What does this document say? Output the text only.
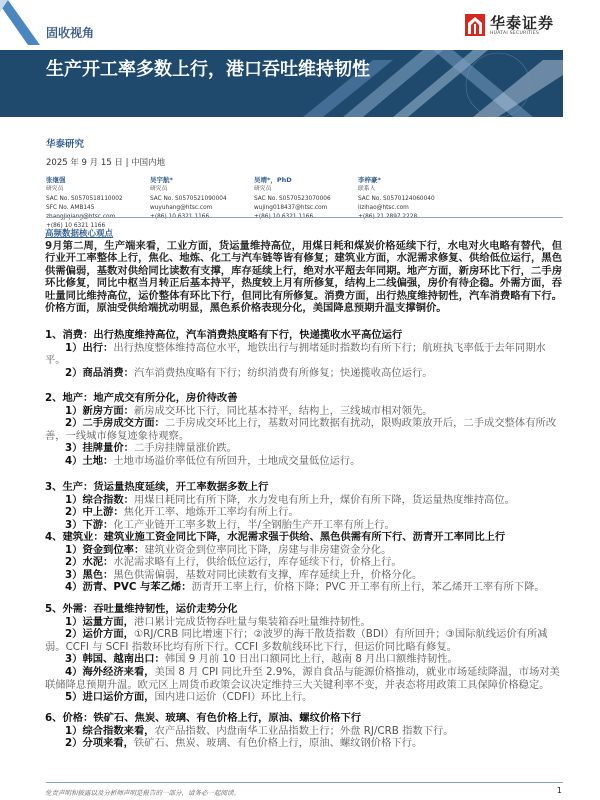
固收视角
华泰证券
HUATAI SECURITIES
生产开工率多数上行，港口吞吐维持韧性
华泰研究
2025 年 9 月 15 日 | 中国内地
张继强
研究员
SAC No. S0570518110002
SFC No. AMB145
+(86) 10 6321 1166
吴宇航*
研究员
SAC No. S0570521090004
wuyuhang@htsc.com
吴靖*，PhD
研究员
SAC No. S0570523070006
wujing018437@htsc.com
李梓豪*
联系人
SAC No. S0570124060040
lizihao@htsc.com
高频数据核心观点
9月第二周，生产端来看，工业方面，货运量维持高位，用煤日耗和煤炭价格延续下行，水电对火电略有替代，但行业开工率整体上行，焦化、地炼、化工与汽车链等皆有修复；建筑业方面，水泥需求修复、供给低位运行，黑色供需偏弱，基数对供给同比读数有支撑，库存延续上行，绝对水平超去年同期。地产方面，新房环比下行，二手房环比修复，同比中枢当月转正后基本持平，热度较上月有所修复，结构上二线偏强，房价有待企稳。外需方面，吞吐量同比维持高位，运价整体有环比下行，但同比有所修复。消费方面，出行热度维持韧性，汽车消费略有下行。价格方面，原油受供给端扰动明显，黑色系价格表现分化，美国降息预期升温支撑铜价。
1、消费：出行热度维持高位，汽车消费热度略有下行，快递揽收水平高位运行
1）出行：出行热度整体维持高位水平，地铁出行与拥堵延时指数均有所下行；航班执飞率低于去年同期水平。
2）商品消费：汽车消费热度略有下行；纺织消费有所修复；快递揽收高位运行。
2、地产：地产成交有所分化，房价待改善
1）新房方面：新房成交环比下行，同比基本持平，结构上，三线城市相对领先。
2）二手房成交方面：二手房成交环比上行，基数对同比数据有扰动，限购政策放开后，二手成交整体有所改善，一线城市修复迹象待观察。
3）挂牌量价：二手房挂牌量涨价跌。
4）土地：土地市场溢价率低位有所回升，土地成交量低位运行。
3、生产：货运量热度延续，开工率数据多数上行
1）综合指数：用煤日耗同比有所下降，水力发电有所上升，煤价有所下降，货运量热度维持高位。
2）中上游：焦化开工率、地炼开工率均有所上行。
3）下游：化工产业链开工率多数上行，半/全钢胎生产开工率有所上行。
4、建筑业：建筑业施工资金同比下降，水泥需求强于供给、黑色供需有所下行、沥青开工率同比上行
1）资金到位率：建筑业资金到位率同比下降，房建与非房建资金分化。
2）水泥：水泥需求略有上行，供给低位运行，库存延续下行，价格上行。
3）黑色：黑色供需偏弱，基数对同比读数有支撑，库存延续上升，价格分化。
4）沥青、PVC 与苯乙烯：沥青开工率上行，价格下降；PVC 开工率有所上行，苯乙烯开工率有所下降。
5、外需：吞吐量维持韧性，运价走势分化
1）运量方面，港口累计完成货物吞吐量与集装箱吞吐量维持韧性。
2）运价方面，①RJ/CRB 同比增速下行；②波罗的海干散货指数（BDI）有所回升；③国际航线运价有所减弱。CCFI 与 SCFI 指数环比均有所下行。CCFI 多数航线环比下行，但运价同比略有修复。
3）韩国、越南出口：韩国 9 月前 10 日出口额同比上行，越南 8 月出口额维持韧性。
4）海外经济来看，美国 8 月 CPI 同比升至 2.9%，源自食品与能源价格推动，就业市场延续降温，市场对美联储降息预期升温。欧元区上周货币政策会议决定维持三大关键利率不变，并表态将用政策工具保障价格稳定。
5）进口运价方面，国内进口运价（CDFI）环比上行。
6、价格：铁矿石、焦炭、玻璃、有色价格上行，原油、螺纹价格下行
1）综合指数来看，农产品指数、内盘南华工业品指数上行；外盘 RJ/CRB 指数下行。
2）分项来看，铁矿石、焦炭、玻璃、有色价格上行，原油、螺纹钢价格下行。
免责声明和披露以及分析师声明是报告的一部分，请务必一起阅读。	1
